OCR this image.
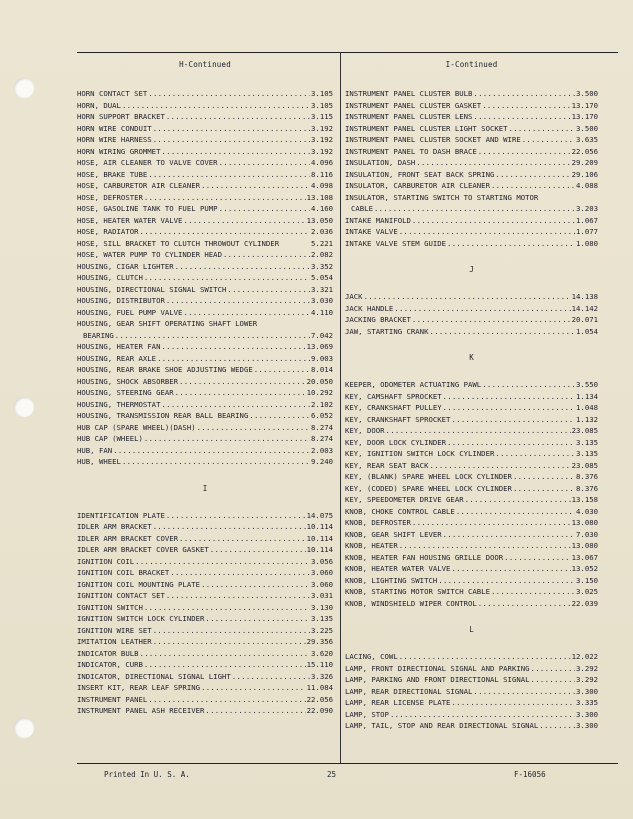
H-Continued
HORN CONTACT SET .....	3.105
HORN, DUAL .....	3.105
HORN SUPPORT BRACKET .....	3.115
HORN WIRE CONDUIT .....	3.192
HORN WIRE HARNESS .....	3.192
HORN WIRING GROMMET .....	3.192
HOSE, AIR CLEANER TO VALVE COVER .....	4.096
HOSE, BRAKE TUBE .....	8.116
HOSE, CARBURETOR AIR CLEANER .....	4.098
HOSE, DEFROSTER .....	13.108
HOSE, GASOLINE TANK TO FUEL PUMP .....	4.160
HOSE, HEATER WATER VALVE .....	13.050
HOSE, RADIATOR .....	2.036
HOSE, SILL BRACKET TO CLUTCH THROWOUT CYLINDER	5.221
HOSE, WATER PUMP TO CYLINDER HEAD .....	2.082
HOUSING, CIGAR LIGHTER .....	3.352
HOUSING, CLUTCH .....	5.054
HOUSING, DIRECTIONAL SIGNAL SWITCH .....	3.321
HOUSING, DISTRIBUTOR .....	3.030
HOUSING, FUEL PUMP VALVE .....	4.110
HOUSING, GEAR SHIFT OPERATING SHAFT LOWER
BEARING .....	7.042
HOUSING, HEATER FAN .....	13.069
HOUSING, REAR AXLE .....	9.003
HOUSING, REAR BRAKE SHOE ADJUSTING WEDGE .....	8.014
HOUSING, SHOCK ABSORBER .....	20.050
HOUSING, STEERING GEAR .....	10.292
HOUSING, THERMOSTAT .....	2.102
HOUSING, TRANSMISSION REAR BALL BEARING .....	6.052
HUB CAP (SPARE WHEEL)(DASH) .....	8.274
HUB CAP (WHEEL) .....	8.274
HUB, FAN .....	2.003
HUB, WHEEL .....	9.240
I
IDENTIFICATION PLATE .....	14.075
IDLER ARM BRACKET .....	10.114
IDLER ARM BRACKET COVER .....	10.114
IDLER ARM BRACKET COVER GASKET .....	10.114
IGNITION COIL .....	3.056
IGNITION COIL BRACKET .....	3.060
IGNITION COIL MOUNTING PLATE .....	3.060
IGNITION CONTACT SET .....	3.031
IGNITION SWITCH .....	3.130
IGNITION SWITCH LOCK CYLINDER .....	3.135
IGNITION WIRE SET .....	3.225
IMITATION LEATHER .....	29.356
INDICATOR BULB .....	3.620
INDICATOR, CURB .....	15.110
INDICATOR, DIRECTIONAL SIGNAL LIGHT .....	3.326
INSERT KIT, REAR LEAF SPRING .....	11.084
INSTRUMENT PANEL .....	22.056
INSTRUMENT PANEL ASH RECEIVER .....	22.090
I-Continued
INSTRUMENT PANEL CLUSTER BULB .....	3.500
INSTRUMENT PANEL CLUSTER GASKET .....	13.170
INSTRUMENT PANEL CLUSTER LENS .....	13.170
INSTRUMENT PANEL CLUSTER LIGHT SOCKET .....	3.500
INSTRUMENT PANEL CLUSTER SOCKET AND WIRE .....	3.635
INSTRUMENT PANEL TO DASH BRACE .....	22.056
INSULATION, DASH .....	29.209
INSULATION, FRONT SEAT BACK SPRING .....	29.106
INSULATOR, CARBURETOR AIR CLEANER .....	4.088
INSULATOR, STARTING SWITCH TO STARTING MOTOR
CABLE .....	3.203
INTAKE MANIFOLD .....	1.067
INTAKE VALVE .....	1.077
INTAKE VALVE STEM GUIDE .....	1.080
J
JACK .....	14.138
JACK HANDLE .....	14.142
JACKING BRACKET .....	20.071
JAW, STARTING CRANK .....	1.054
K
KEEPER, ODOMETER ACTUATING PAWL .....	3.550
KEY, CAMSHAFT SPROCKET .....	1.134
KEY, CRANKSHAFT PULLEY .....	1.048
KEY, CRANKSHAFT SPROCKET .....	1.132
KEY, DOOR .....	23.085
KEY, DOOR LOCK CYLINDER .....	3.135
KEY, IGNITION SWITCH LOCK CYLINDER .....	3.135
KEY, REAR SEAT BACK .....	23.085
KEY, (BLANK) SPARE WHEEL LOCK CYLINDER .....	8.376
KEY, (CODED) SPARE WHEEL LOCK CYLINDER .....	8.376
KEY, SPEEDOMETER DRIVE GEAR .....	13.158
KNOB, CHOKE CONTROL CABLE .....	4.030
KNOB, DEFROSTER .....	13.080
KNOB, GEAR SHIFT LEVER .....	7.030
KNOB, HEATER .....	13.080
KNOB, HEATER FAN HOUSING GRILLE DOOR .....	13.067
KNOB, HEATER WATER VALVE .....	13.052
KNOB, LIGHTING SWITCH .....	3.150
KNOB, STARTING MOTOR SWITCH CABLE .....	3.025
KNOB, WINDSHIELD WIPER CONTROL .....	22.039
L
LACING, COWL .....	12.022
LAMP, FRONT DIRECTIONAL SIGNAL AND PARKING .....	3.292
LAMP, PARKING AND FRONT DIRECTIONAL SIGNAL .....	3.292
LAMP, REAR DIRECTIONAL SIGNAL .....	3.300
LAMP, REAR LICENSE PLATE .....	3.335
LAMP, STOP .....	3.300
LAMP, TAIL, STOP AND REAR DIRECTIONAL SIGNAL .....	3.300
Printed In U. S. A.	25	F-16056
